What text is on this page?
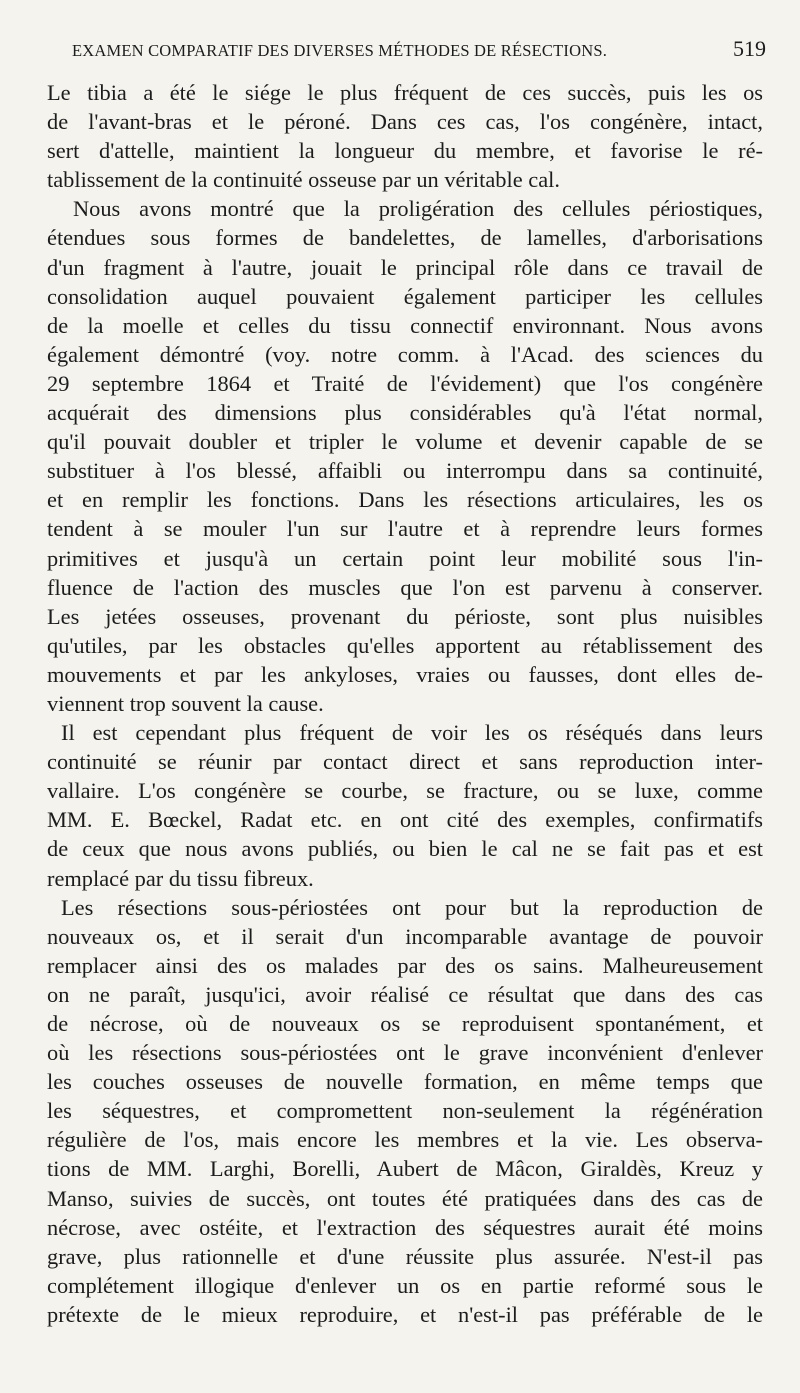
EXAMEN COMPARATIF DES DIVERSES MÉTHODES DE RÉSECTIONS.	519
Le tibia a été le siége le plus fréquent de ces succès, puis les os
de l'avant-bras et le péroné. Dans ces cas, l'os congénère, intact,
sert d'attelle, maintient la longueur du membre, et favorise le ré-
tablissement de la continuité osseuse par un véritable cal.
Nous avons montré que la proligération des cellules périostiques,
étendues sous formes de bandelettes, de lamelles, d'arborisations
d'un fragment à l'autre, jouait le principal rôle dans ce travail de
consolidation auquel pouvaient également participer les cellules
de la moelle et celles du tissu connectif environnant. Nous avons
également démontré (voy. notre comm. à l'Acad. des sciences du
29 septembre 1864 et Traité de l'évidement) que l'os congénère
acquérait des dimensions plus considérables qu'à l'état normal,
qu'il pouvait doubler et tripler le volume et devenir capable de se
substituer à l'os blessé, affaibli ou interrompu dans sa continuité,
et en remplir les fonctions. Dans les résections articulaires, les os
tendent à se mouler l'un sur l'autre et à reprendre leurs formes
primitives et jusqu'à un certain point leur mobilité sous l'in-
fluence de l'action des muscles que l'on est parvenu à conserver.
Les jetées osseuses, provenant du périoste, sont plus nuisibles
qu'utiles, par les obstacles qu'elles apportent au rétablissement des
mouvements et par les ankyloses, vraies ou fausses, dont elles de-
viennent trop souvent la cause.
Il est cependant plus fréquent de voir les os réséqués dans leurs
continuité se réunir par contact direct et sans reproduction inter-
vallaire. L'os congénère se courbe, se fracture, ou se luxe, comme
MM. E. Bœckel, Radat etc. en ont cité des exemples, confirmatifs
de ceux que nous avons publiés, ou bien le cal ne se fait pas et est
remplacé par du tissu fibreux.
Les résections sous-périostées ont pour but la reproduction de
nouveaux os, et il serait d'un incomparable avantage de pouvoir
remplacer ainsi des os malades par des os sains. Malheureusement
on ne paraît, jusqu'ici, avoir réalisé ce résultat que dans des cas
de nécrose, où de nouveaux os se reproduisent spontanément, et
où les résections sous-périostées ont le grave inconvénient d'enlever
les couches osseuses de nouvelle formation, en même temps que
les séquestres, et compromettent non-seulement la régénération
régulière de l'os, mais encore les membres et la vie. Les observa-
tions de MM. Larghi, Borelli, Aubert de Mâcon, Giraldès, Kreuz y
Manso, suivies de succès, ont toutes été pratiquées dans des cas de
nécrose, avec ostéite, et l'extraction des séquestres aurait été moins
grave, plus rationnelle et d'une réussite plus assurée. N'est-il pas
complétement illogique d'enlever un os en partie reformé sous le
prétexte de le mieux reproduire, et n'est-il pas préférable de le
